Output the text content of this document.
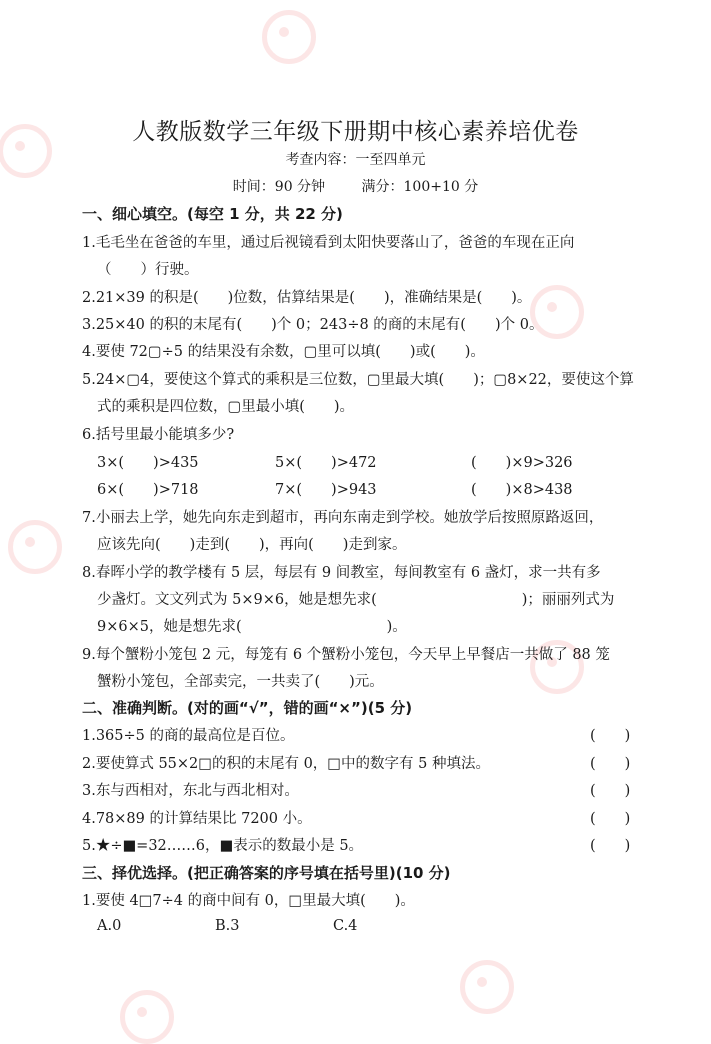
人教版数学三年级下册期中核心素养培优卷
考查内容：一至四单元
时间：90 分钟	满分：100+10 分
一、细心填空。(每空 1 分，共 22 分)
1.毛毛坐在爸爸的车里，通过后视镜看到太阳快要落山了，爸爸的车现在正向
（　　）行驶。
2.21×39 的积是(　　)位数，估算结果是(　　)，准确结果是(　　)。
3.25×40 的积的末尾有(　　)个 0；243÷8 的商的末尾有(　　)个 0。
4.要使 72▢÷5 的结果没有余数，▢里可以填(　　)或(　　)。
5.24×▢4，要使这个算式的乘积是三位数，▢里最大填(　　)；▢8×22，要使这个算
式的乘积是四位数，▢里最小填(　　)。
6.括号里最小能填多少?
3×(　　)>435	5×(　　)>472	(　　)×9>326
6×(　　)>718	7×(　　)>943	(　　)×8>438
7.小丽去上学，她先向东走到超市，再向东南走到学校。她放学后按照原路返回，
应该先向(　　)走到(　　)，再向(　　)走到家。
8.春晖小学的教学楼有 5 层，每层有 9 间教室，每间教室有 6 盏灯，求一共有多
少盏灯。文文列式为 5×9×6，她是想先求(　　　　　　　　　　)；丽丽列式为
9×6×5，她是想先求(　　　　　　　　　　)。
9.每个蟹粉小笼包 2 元，每笼有 6 个蟹粉小笼包，今天早上早餐店一共做了 88 笼
蟹粉小笼包，全部卖完，一共卖了(　　)元。
二、准确判断。(对的画“√”，错的画“×”)(5 分)
1.365÷5 的商的最高位是百位。	(　　)
2.要使算式 55×2□的积的末尾有 0，□中的数字有 5 种填法。	(　　)
3.东与西相对，东北与西北相对。	(　　)
4.78×89 的计算结果比 7200 小。	(　　)
5.★÷■=32……6，■表示的数最小是 5。	(　　)
三、择优选择。(把正确答案的序号填在括号里)(10 分)
1.要使 4□7÷4 的商中间有 0，□里最大填(　　)。
A.0	B.3	C.4
